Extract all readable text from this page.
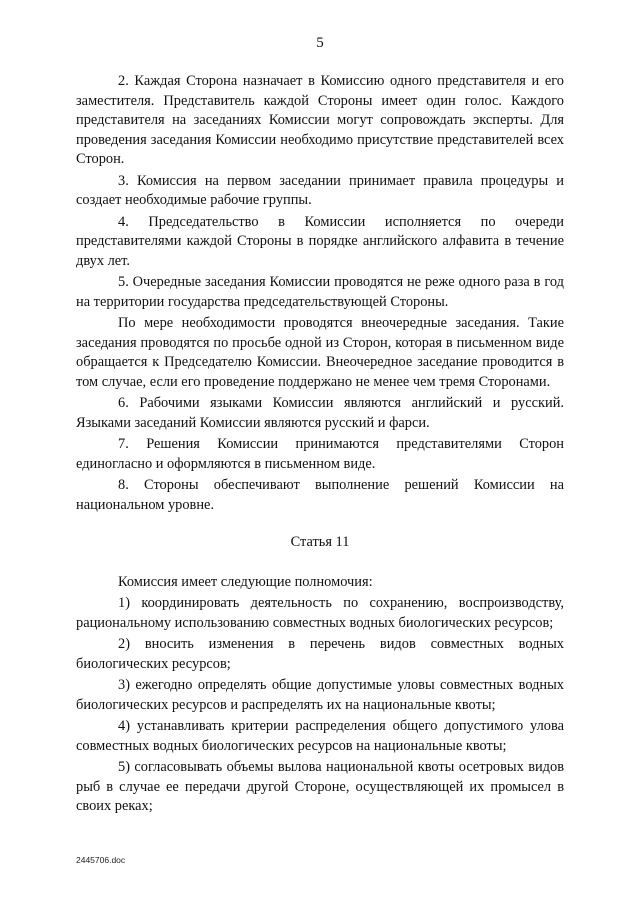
5

2. Каждая Сторона назначает в Комиссию одного представителя и его заместителя. Представитель каждой Стороны имеет один голос. Каждого представителя на заседаниях Комиссии могут сопровождать эксперты. Для проведения заседания Комиссии необходимо присутствие представителей всех Сторон.

3. Комиссия на первом заседании принимает правила процедуры и создает необходимые рабочие группы.

4. Председательство в Комиссии исполняется по очереди представителями каждой Стороны в порядке английского алфавита в течение двух лет.

5. Очередные заседания Комиссии проводятся не реже одного раза в год на территории государства председательствующей Стороны.

По мере необходимости проводятся внеочередные заседания. Такие заседания проводятся по просьбе одной из Сторон, которая в письменном виде обращается к Председателю Комиссии. Внеочередное заседание проводится в том случае, если его проведение поддержано не менее чем тремя Сторонами.

6. Рабочими языками Комиссии являются английский и русский. Языками заседаний Комиссии являются русский и фарси.

7. Решения Комиссии принимаются представителями Сторон единогласно и оформляются в письменном виде.

8. Стороны обеспечивают выполнение решений Комиссии на национальном уровне.

Статья 11

Комиссия имеет следующие полномочия:

1) координировать деятельность по сохранению, воспроизводству, рациональному использованию совместных водных биологических ресурсов;

2) вносить изменения в перечень видов совместных водных биологических ресурсов;

3) ежегодно определять общие допустимые уловы совместных водных биологических ресурсов и распределять их на национальные квоты;

4) устанавливать критерии распределения общего допустимого улова совместных водных биологических ресурсов на национальные квоты;

5) согласовывать объемы вылова национальной квоты осетровых видов рыб в случае ее передачи другой Стороне, осуществляющей их промысел в своих реках;

2445706.doc
